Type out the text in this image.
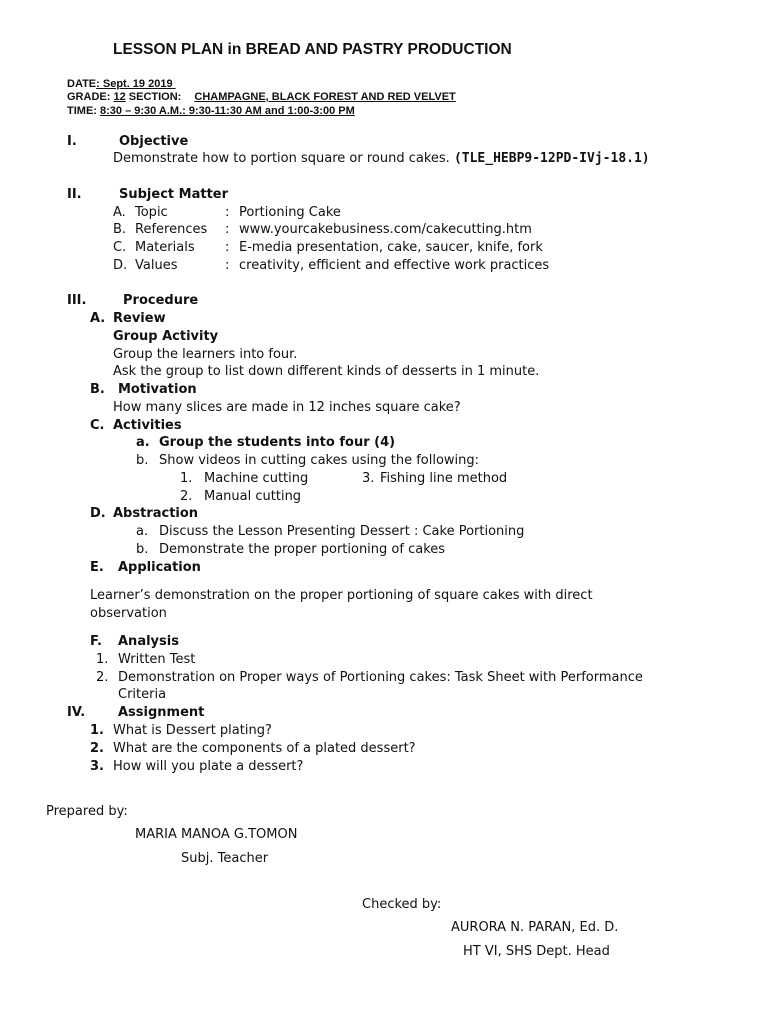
LESSON PLAN in BREAD AND PASTRY PRODUCTION
DATE: Sept. 19 2019​
GRADE: 12 SECTION: CHAMPAGNE, BLACK FOREST AND RED VELVET
TIME: 8:30 – 9:30 A.M.: 9:30-11:30 AM and 1:00-3:00 PM
I.	Objective
Demonstrate how to portion square or round cakes. (TLE_HEBP9-12PD-IVj-18.1)
II.	Subject Matter
A. Topic	: Portioning Cake
B. References : www.yourcakebusiness.com/cakecutting.htm
C. Materials : E-media presentation, cake, saucer, knife, fork
D. Values	: creativity, efficient and effective work practices
III.	Procedure
A. Review
Group Activity
Group the learners into four.
Ask the group to list down different kinds of desserts in 1 minute.
B. Motivation
How many slices are made in 12 inches square cake?
C. Activities
a. Group the students into four (4)
b. Show videos in cutting cakes using the following:
1. Machine cutting	3. Fishing line method
2. Manual cutting
D. Abstraction
a. Discuss the Lesson Presenting Dessert : Cake Portioning
b. Demonstrate the proper portioning of cakes
E. Application
Learner’s demonstration on the proper portioning of square cakes with direct
observation
F. Analysis
1. Written Test
2. Demonstration on Proper ways of Portioning cakes: Task Sheet with Performance
Criteria
IV.	Assignment
1. What is Dessert plating?
2. What are the components of a plated dessert?
3. How will you plate a dessert?
Prepared by:
MARIA MANOA G.TOMON
Subj. Teacher
Checked by:
AURORA N. PARAN, Ed. D.
HT VI, SHS Dept. Head
